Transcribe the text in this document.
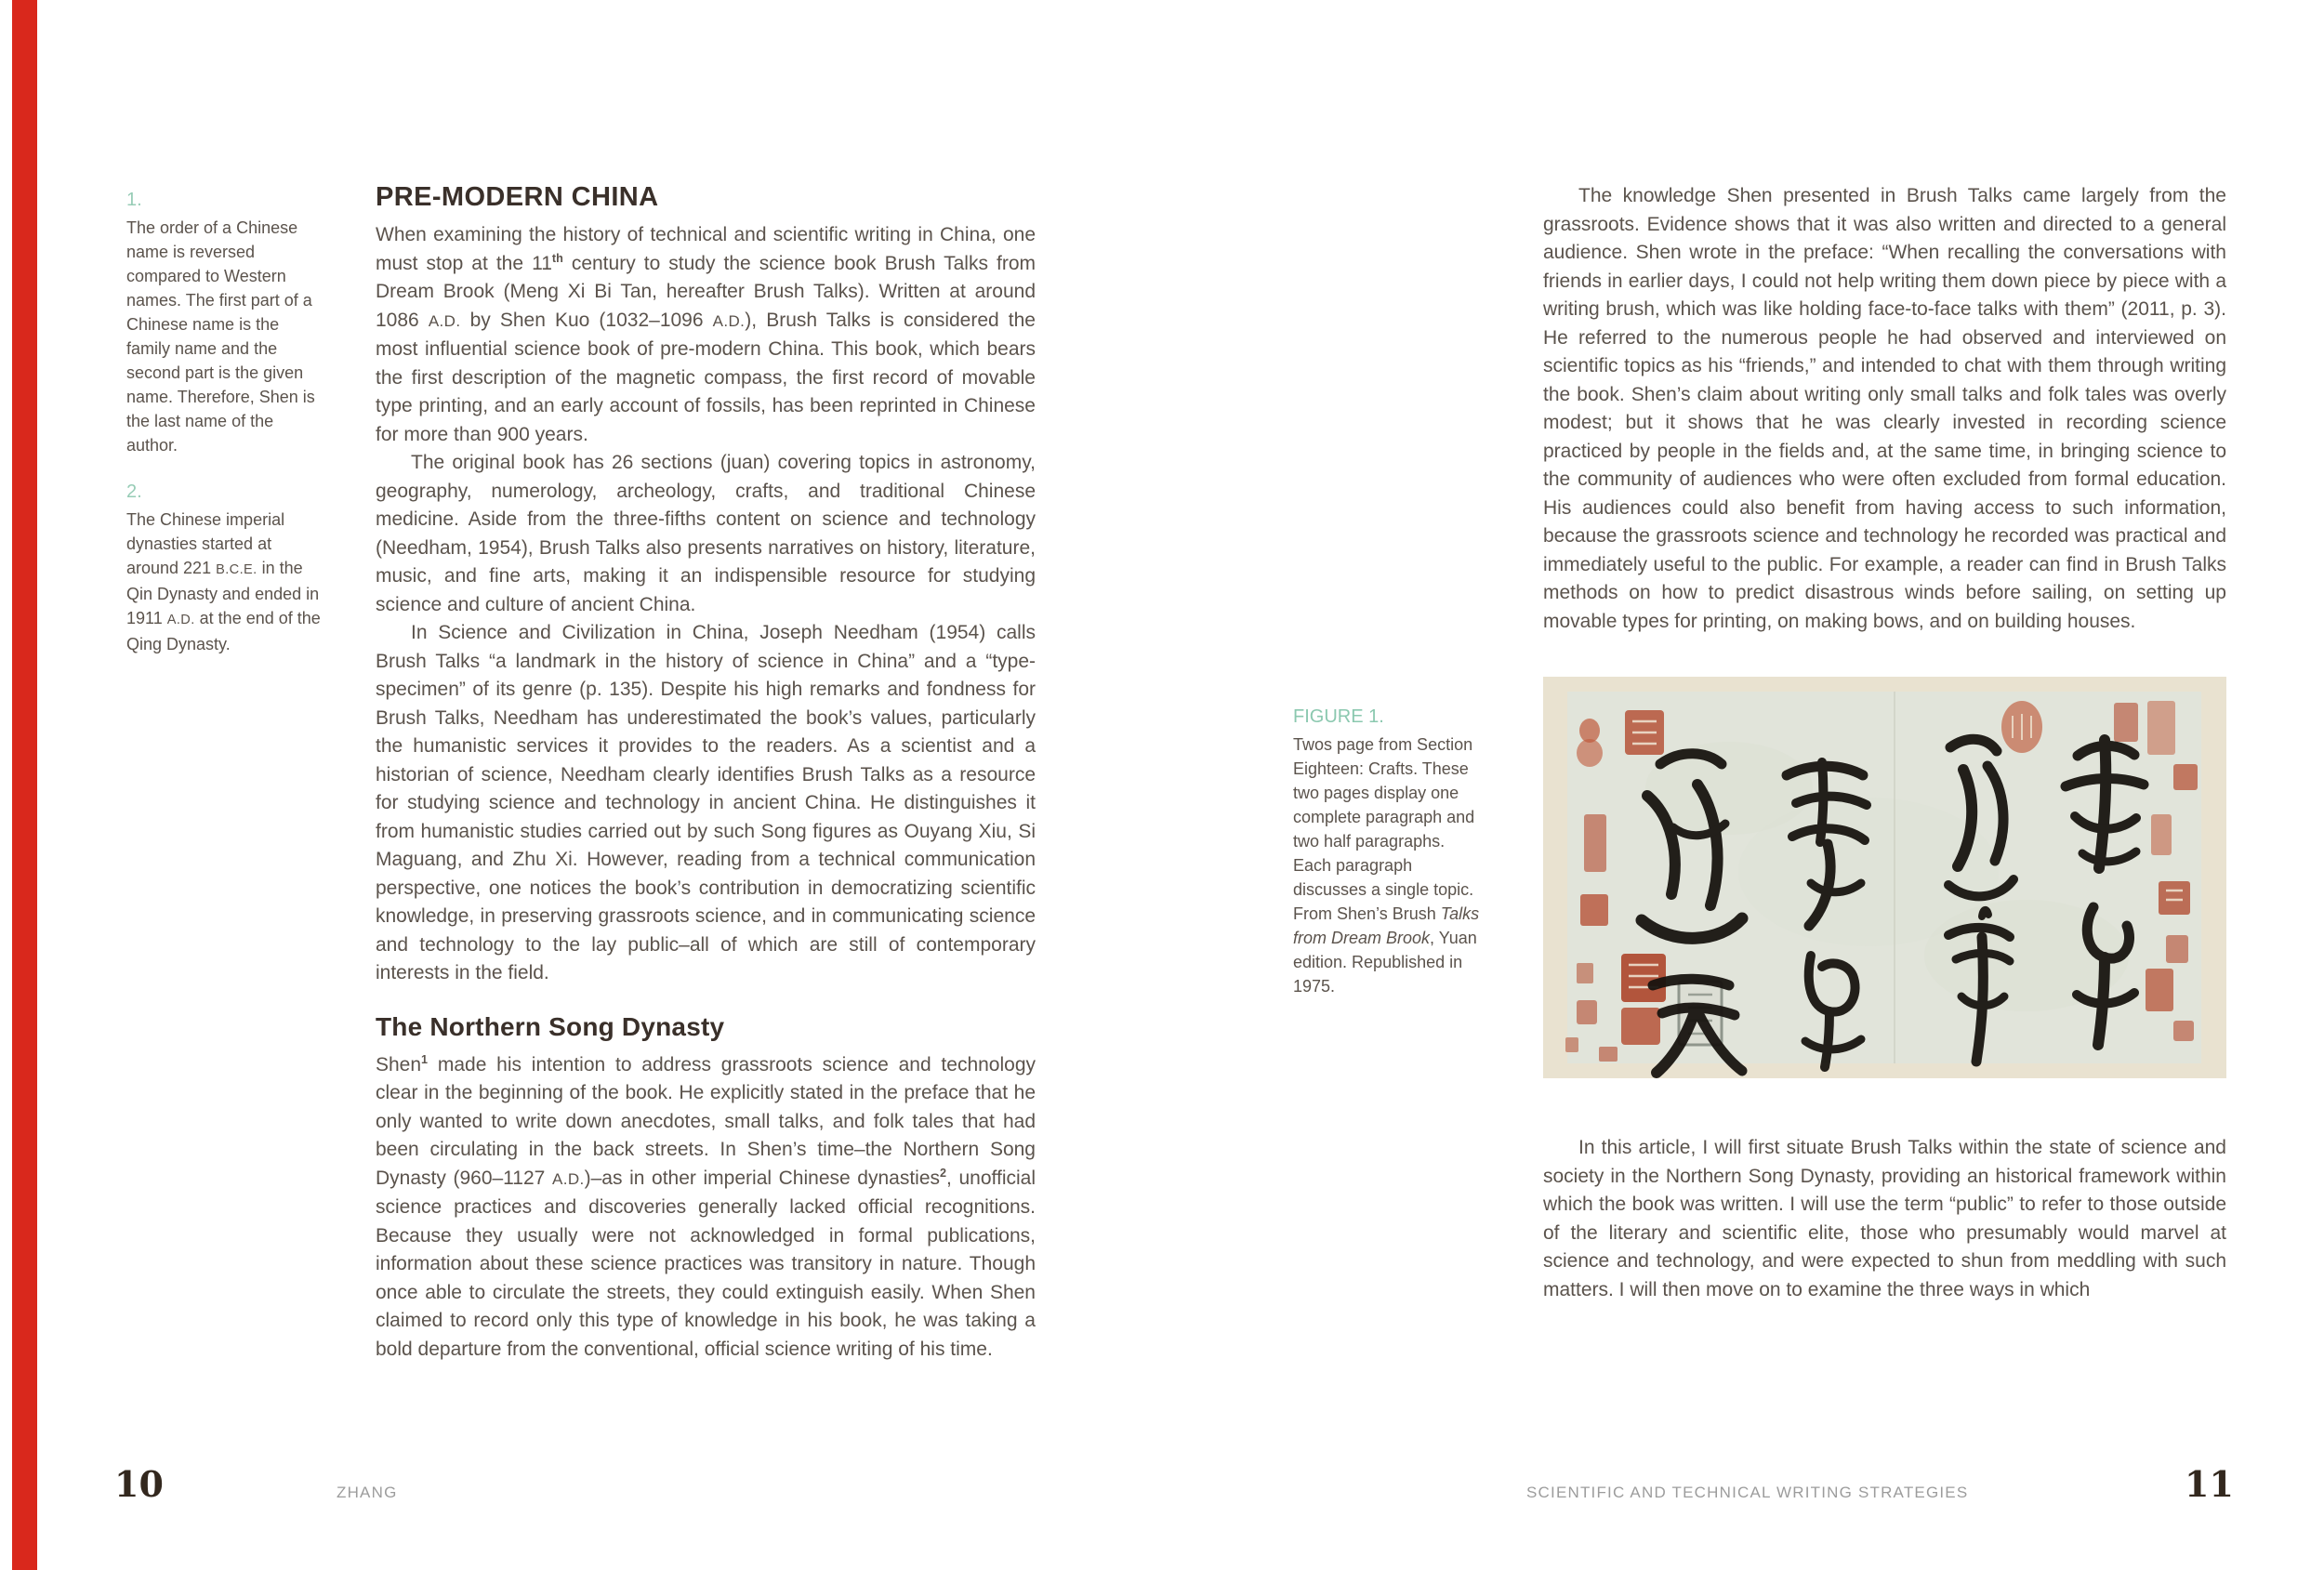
1.

The order of a Chinese name is reversed compared to Western names. The first part of a Chinese name is the family name and the second part is the given name. Therefore, Shen is the last name of the author.

2.

The Chinese imperial dynasties started at around 221 B.C.E. in the Qin Dynasty and ended in 1911 A.D. at the end of the Qing Dynasty.

PRE-MODERN CHINA

When examining the history of technical and scientific writing in China, one must stop at the 11th century to study the science book Brush Talks from Dream Brook (Meng Xi Bi Tan, hereafter Brush Talks). Written at around 1086 A.D. by Shen Kuo (1032–1096 A.D.), Brush Talks is considered the most influential science book of pre-modern China. This book, which bears the first description of the magnetic compass, the first record of movable type printing, and an early account of fossils, has been reprinted in Chinese for more than 900 years.

The original book has 26 sections (juan) covering topics in astronomy, geography, numerology, archeology, crafts, and traditional Chinese medicine. Aside from the three-fifths content on science and technology (Needham, 1954), Brush Talks also presents narratives on history, literature, music, and fine arts, making it an indispensible resource for studying science and culture of ancient China.

In Science and Civilization in China, Joseph Needham (1954) calls Brush Talks “a landmark in the history of science in China” and a “type-specimen” of its genre (p. 135). Despite his high remarks and fondness for Brush Talks, Needham has underestimated the book’s values, particularly the humanistic services it provides to the readers. As a scientist and a historian of science, Needham clearly identifies Brush Talks as a resource for studying science and technology in ancient China. He distinguishes it from humanistic studies carried out by such Song figures as Ouyang Xiu, Si Maguang, and Zhu Xi. However, reading from a technical communication perspective, one notices the book’s contribution in democratizing scientific knowledge, in preserving grassroots science, and in communicating science and technology to the lay public–all of which are still of contemporary interests in the field.

The Northern Song Dynasty

Shen$^1$ made his intention to address grassroots science and technology clear in the beginning of the book. He explicitly stated in the preface that he only wanted to write down anecdotes, small talks, and folk tales that had been circulating in the back streets. In Shen’s time–the Northern Song Dynasty (960–1127 A.D.)–as in other imperial Chinese dynasties$^2$, unofficial science practices and discoveries generally lacked official recognitions. Because they usually were not acknowledged in formal publications, information about these science practices was transitory in nature. Though once able to circulate the streets, they could extinguish easily. When Shen claimed to record only this type of knowledge in his book, he was taking a bold departure from the conventional, official science writing of his time.

FIGURE 1.

Twos page from Section Eighteen: Crafts. These two pages display one complete paragraph and two half paragraphs. Each paragraph discusses a single topic. From Shen’s Brush Talks from Dream Brook, Yuan edition. Republished in 1975.

The knowledge Shen presented in Brush Talks came largely from the grassroots. Evidence shows that it was also written and directed to a general audience. Shen wrote in the preface: “When recalling the conversations with friends in earlier days, I could not help writing them down piece by piece with a writing brush, which was like holding face-to-face talks with them” (2011, p. 3). He referred to the numerous people he had observed and interviewed on scientific topics as his “friends,” and intended to chat with them through writing the book. Shen’s claim about writing only small talks and folk tales was overly modest; but it shows that he was clearly invested in recording science practiced by people in the fields and, at the same time, in bringing science to the community of audiences who were often excluded from formal education. His audiences could also benefit from having access to such information, because the grassroots science and technology he recorded was practical and immediately useful to the public. For example, a reader can find in Brush Talks methods on how to predict disastrous winds before sailing, on setting up movable types for printing, on making bows, and on building houses.

In this article, I will first situate Brush Talks within the state of science and society in the Northern Song Dynasty, providing an historical framework within which the book was written. I will use the term “public” to refer to those outside of the literary and scientific elite, those who presumably would marvel at science and technology, and were expected to shun from meddling with such matters. I will then move on to examine the three ways in which

10	ZHANG	SCIENTIFIC AND TECHNICAL WRITING STRATEGIES	11
